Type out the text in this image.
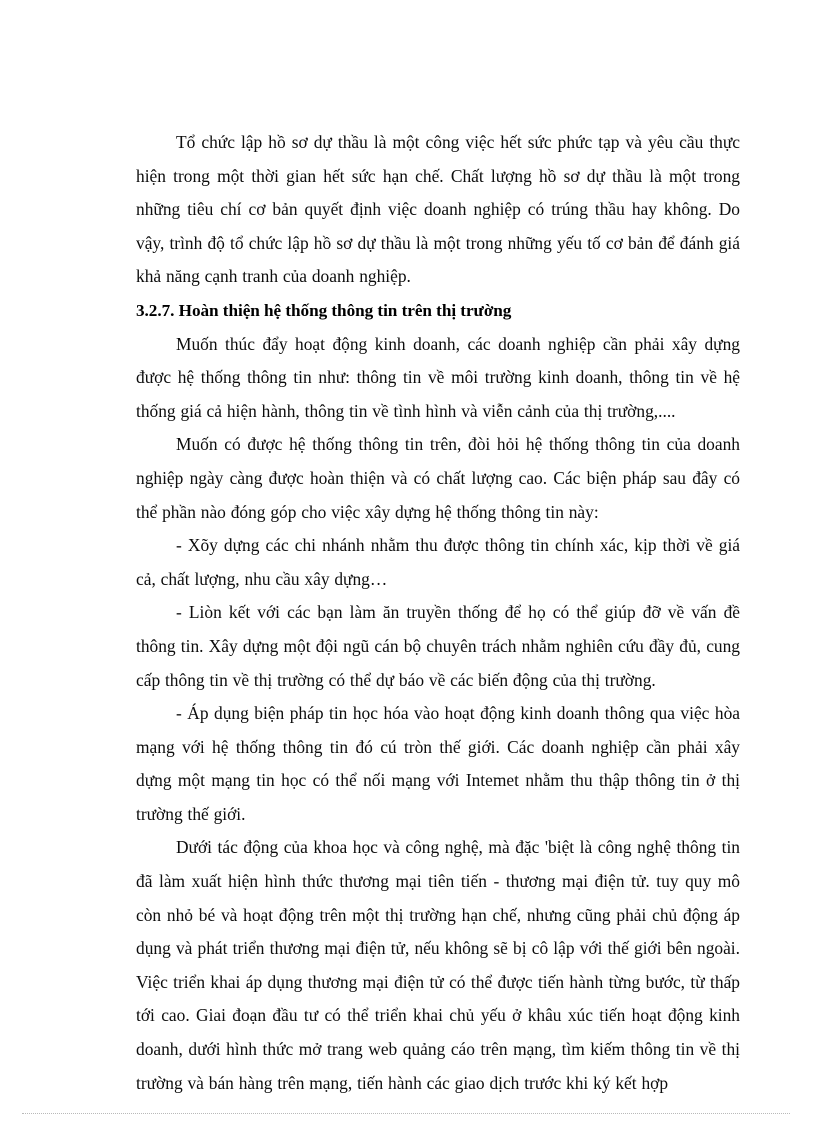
Tổ chức lập hồ sơ dự thầu là một công việc hết sức phức tạp và yêu cầu thực hiện trong một thời gian hết sức hạn chế. Chất lượng hồ sơ dự thầu là một trong những tiêu chí cơ bản quyết định việc doanh nghiệp có trúng thầu hay không. Do vậy, trình độ tổ chức lập hồ sơ dự thầu là một trong những yếu tố cơ bản để đánh giá khả năng cạnh tranh của doanh nghiệp.

3.2.7. Hoàn thiện hệ thống thông tin trên thị trường

Muốn thúc đẩy hoạt động kinh doanh, các doanh nghiệp cần phải xây dựng được hệ thống thông tin như: thông tin về môi trường kinh doanh, thông tin về hệ thống giá cả hiện hành, thông tin về tình hình và viễn cảnh của thị trường,....

Muốn có được hệ thống thông tin trên, đòi hỏi hệ thống thông tin của doanh nghiệp ngày càng được hoàn thiện và có chất lượng cao. Các biện pháp sau đây có thể phần nào đóng góp cho việc xây dựng hệ thống thông tin này:

- Xõy dựng các chi nhánh nhằm thu được thông tin chính xác, kịp thời về giá cả, chất lượng, nhu cầu xây dựng…

- Liòn kết với các bạn làm ăn truyền thống để họ có thể giúp đỡ về vấn đề thông tin. Xây dựng một đội ngũ cán bộ chuyên trách nhằm nghiên cứu đầy đủ, cung cấp thông tin về thị trường có thể dự báo về các biến động của thị trường.

- Áp dụng biện pháp tin học hóa vào hoạt động kinh doanh thông qua việc hòa mạng với hệ thống thông tin đó cú tròn thế giới. Các doanh nghiệp cần phải xây dựng một mạng tin học có thể nối mạng với Intemet nhằm thu thập thông tin ở thị trường thế giới.

Dưới tác động của khoa học và công nghệ, mà đặc 'biệt là công nghệ thông tin đã làm xuất hiện hình thức thương mại tiên tiến - thương mại điện tử. tuy quy mô còn nhỏ bé và hoạt động trên một thị trường hạn chế, nhưng cũng phải chủ động áp dụng và phát triển thương mại điện tử, nếu không sẽ bị cô lập với thế giới bên ngoài. Việc triển khai áp dụng thương mại điện tử có thể được tiến hành từng bước, từ thấp tới cao. Giai đoạn đầu tư có thể triển khai chủ yếu ở khâu xúc tiến hoạt động kinh doanh, dưới hình thức mở trang web quảng cáo trên mạng, tìm kiếm thông tin về thị trường và bán hàng trên mạng, tiến hành các giao dịch trước khi ký kết hợp
